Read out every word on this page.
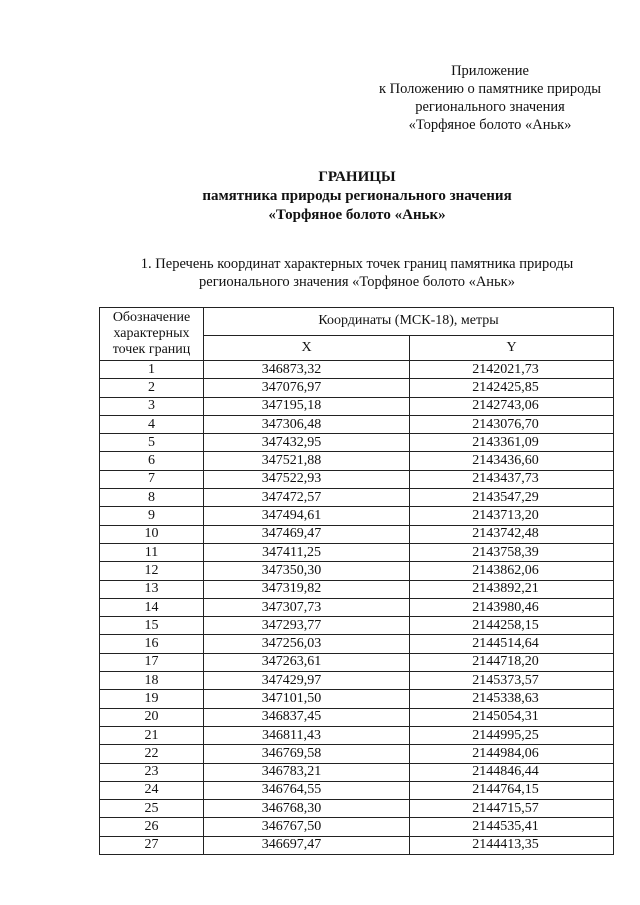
Приложение
к Положению о памятнике природы
регионального значения
«Торфяное болото «Аньк»
ГРАНИЦЫ
памятника природы регионального значения
«Торфяное болото «Аньк»
1. Перечень координат характерных точек границ памятника природы
регионального значения «Торфяное болото «Аньк»
Обозначение характерных точек границ	Координаты (МСК-18), метры	
	X	Y
1	346873,32	2142021,73
2	347076,97	2142425,85
3	347195,18	2142743,06
4	347306,48	2143076,70
5	347432,95	2143361,09
6	347521,88	2143436,60
7	347522,93	2143437,73
8	347472,57	2143547,29
9	347494,61	2143713,20
10	347469,47	2143742,48
11	347411,25	2143758,39
12	347350,30	2143862,06
13	347319,82	2143892,21
14	347307,73	2143980,46
15	347293,77	2144258,15
16	347256,03	2144514,64
17	347263,61	2144718,20
18	347429,97	2145373,57
19	347101,50	2145338,63
20	346837,45	2145054,31
21	346811,43	2144995,25
22	346769,58	2144984,06
23	346783,21	2144846,44
24	346764,55	2144764,15
25	346768,30	2144715,57
26	346767,50	2144535,41
27	346697,47	2144413,35
